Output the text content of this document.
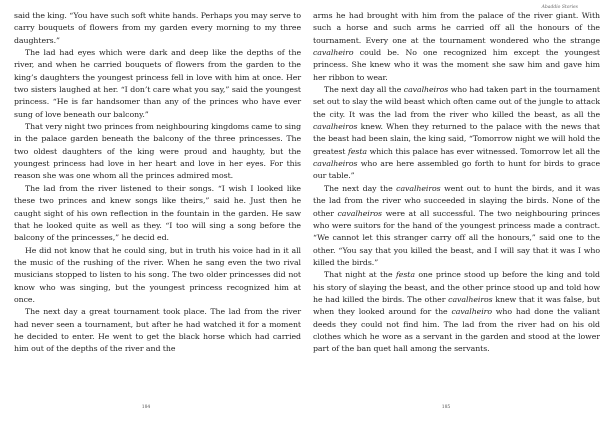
said the king. “You have such soft white hands. Perhaps you may serve to carry bouquets of flowers from my garden every morning to my three daughters.”

The lad had eyes which were dark and deep like the depths of the river, and when he carried bouquets of flowers from the garden to the king’s daughters the youngest princess fell in love with him at once. Her two sisters laughed at her. “I don’t care what you say,” said the youngest princess. “He is far handsomer than any of the princes who have ever sung of love beneath our balcony.”

That very night two princes from neighbouring kingdoms came to sing in the palace garden beneath the balcony of the three princesses. The two oldest daughters of the king were proud and haughty, but the youngest princess had love in her heart and love in her eyes. For this reason she was one whom all the princes admired most.

The lad from the river listened to their songs. “I wish I looked like these two princes and knew songs like theirs,” said he. Just then he caught sight of his own reflection in the fountain in the garden. He saw that he looked quite as well as they. “I too will sing a song before the balcony of the princesses,” he decid ed.

He did not know that he could sing, but in truth his voice had in it all the music of the rushing of the river. When he sang even the two rival musicians stopped to listen to his song. The two older princesses did not know who was singing, but the youngest princess recognized him at once.

The next day a great tournament took place. The lad from the river had never seen a tournament, but after he had watched it for a moment he decided to enter. He went to get the black horse which had carried him out of the depths of the river and the

184
Abaddio Stories

arms he had brought with him from the palace of the river giant. With such a horse and such arms he carried off all the honours of the tournament. Every one at the tournament wondered who the strange cavalheiro could be. No one recognized him except the youngest princess. She knew who it was the moment she saw him and gave him her ribbon to wear.

The next day all the cavalheiros who had taken part in the tournament set out to slay the wild beast which often came out of the jungle to attack the city. It was the lad from the river who killed the beast, as all the cavalheiros knew. When they returned to the palace with the news that the beast had been slain, the king said, “Tomorrow night we will hold the greatest festa which this palace has ever witnessed. Tomorrow let all the cavalheiros who are here assembled go forth to hunt for birds to grace our table.”

The next day the cavalheiros went out to hunt the birds, and it was the lad from the river who succeeded in slaying the birds. None of the other cavalheiros were at all successful. The two neighbouring princes who were suitors for the hand of the youngest princess made a contract. “We cannot let this stranger carry off all the honours,” said one to the other. “You say that you killed the beast, and I will say that it was I who killed the birds.”

That night at the festa one prince stood up before the king and told his story of slaying the beast, and the other prince stood up and told how he had killed the birds. The other cavalheiros knew that it was false, but when they looked around for the cavalheiro who had done the valiant deeds they could not find him. The lad from the river had on his old clothes which he wore as a servant in the garden and stood at the lower part of the ban quet hall among the servants.

185
